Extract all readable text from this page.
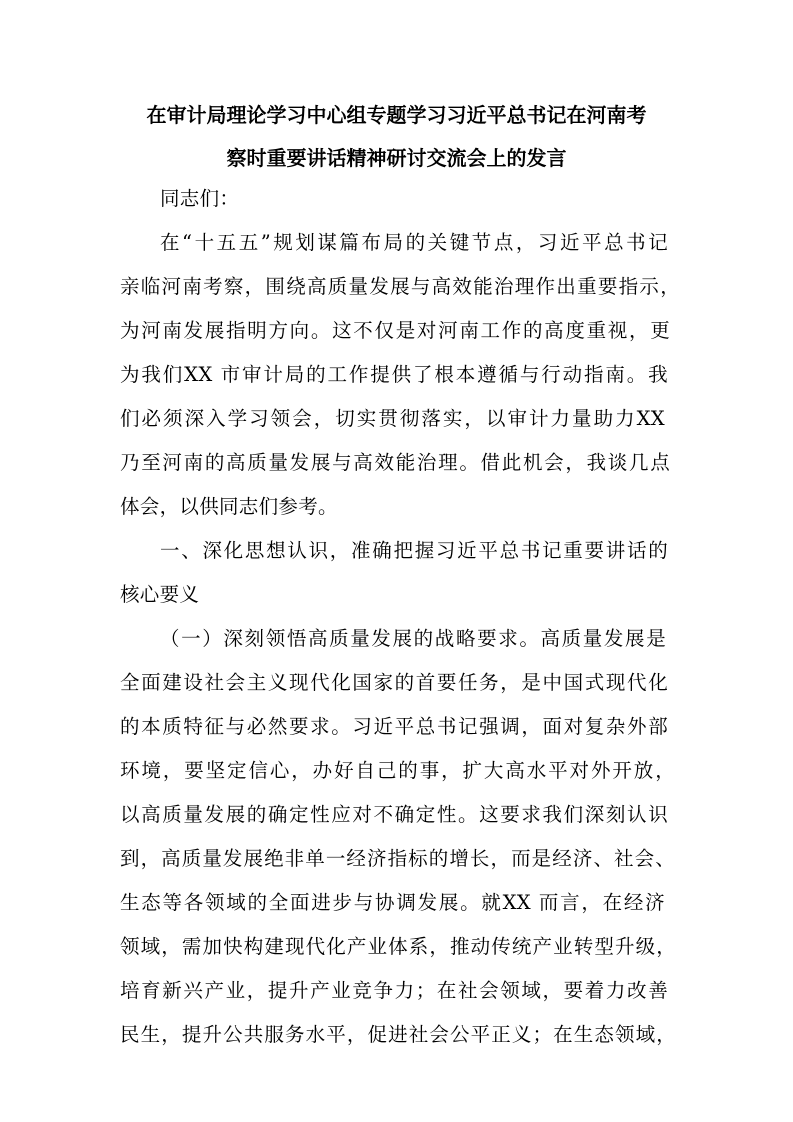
在审计局理论学习中心组专题学习习近平总书记在河南考
察时重要讲话精神研讨交流会上的发言
同志们：
在“十五五”规划谋篇布局的关键节点，习近平总书记
亲临河南考察，围绕高质量发展与高效能治理作出重要指示，
为河南发展指明方向。这不仅是对河南工作的高度重视，更
为我们XX 市审计局的工作提供了根本遵循与行动指南。我
们必须深入学习领会，切实贯彻落实，以审计力量助力XX
乃至河南的高质量发展与高效能治理。借此机会，我谈几点
体会，以供同志们参考。
一、深化思想认识，准确把握习近平总书记重要讲话的
核心要义
（一）深刻领悟高质量发展的战略要求。高质量发展是
全面建设社会主义现代化国家的首要任务，是中国式现代化
的本质特征与必然要求。习近平总书记强调，面对复杂外部
环境，要坚定信心，办好自己的事，扩大高水平对外开放，
以高质量发展的确定性应对不确定性。这要求我们深刻认识
到，高质量发展绝非单一经济指标的增长，而是经济、社会、
生态等各领域的全面进步与协调发展。就XX 而言，在经济
领域，需加快构建现代化产业体系，推动传统产业转型升级，
培育新兴产业，提升产业竞争力；在社会领域，要着力改善
民生，提升公共服务水平，促进社会公平正义；在生态领域，
